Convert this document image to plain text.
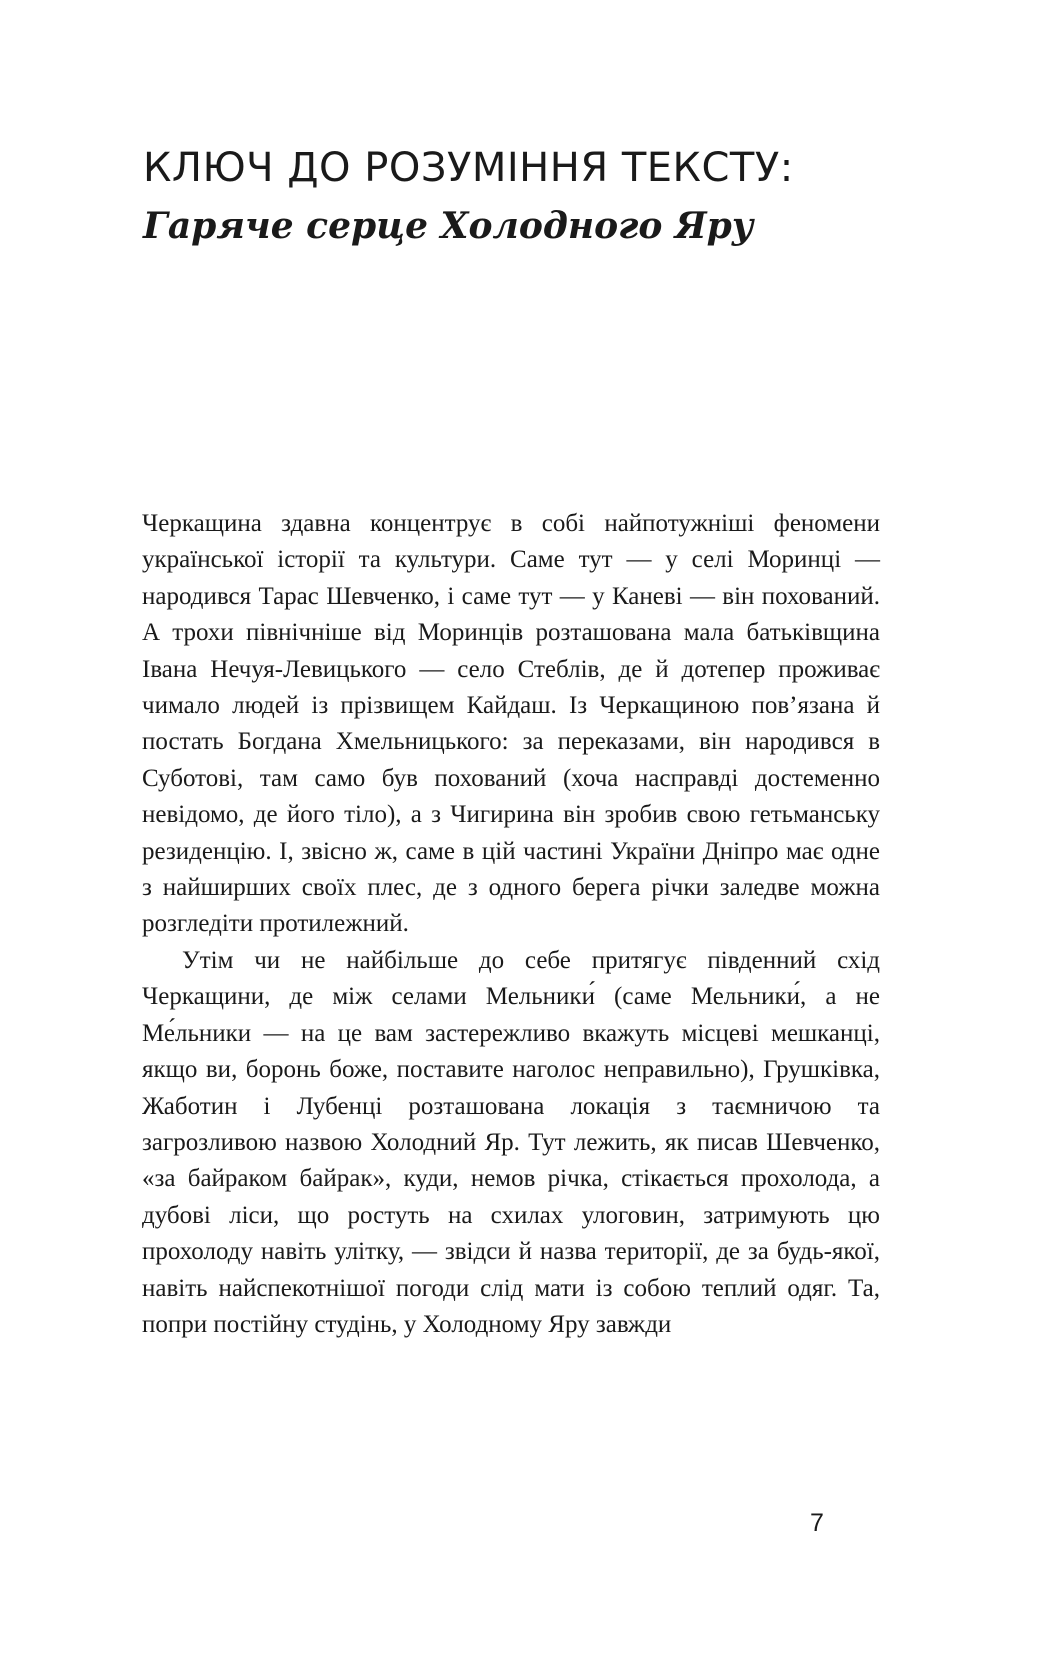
КЛЮЧ ДО РОЗУМІННЯ ТЕКСТУ:
Гаряче серце Холодного Яру

Черкащина здавна концентрує в собі найпотужніші феномени української історії та культури. Саме тут — у селі Моринці — народився Тарас Шевченко, і саме тут — у Каневі — він похований. А трохи північніше від Моринців розташована мала батьківщина Івана Нечуя-Левицького — село Стеблів, де й дотепер проживає чимало людей із прізвищем Кайдаш. Із Черкащиною пов’язана й постать Богдана Хмельницького: за переказами, він народився в Суботові, там само був похований (хоча насправді достеменно невідомо, де його тіло), а з Чигирина він зробив свою гетьманську резиденцію. І, звісно ж, саме в цій частині України Дніпро має одне з найширших своїх плес, де з одного берега річки заледве можна розгледіти протилежний.

Утім чи не найбільше до себе притягує південний схід Черкащини, де між селами Мельники́ (саме Мельники́, а не Ме́льники — на це вам застережливо вкажуть місцеві мешканці, якщо ви, боронь боже, поставите наголос неправильно), Грушківка, Жаботин і Лубенці розташована локація з таємничою та загрозливою назвою Холодний Яр. Тут лежить, як писав Шевченко, «за байраком байрак», куди, немов річка, стікається прохолода, а дубові ліси, що ростуть на схилах улоговин, затримують цю прохолоду навіть улітку, — звідси й назва території, де за будь-якої, навіть найспекотнішої погоди слід мати із собою теплий одяг. Та, попри постійну студінь, у Холодному Яру завжди

7
